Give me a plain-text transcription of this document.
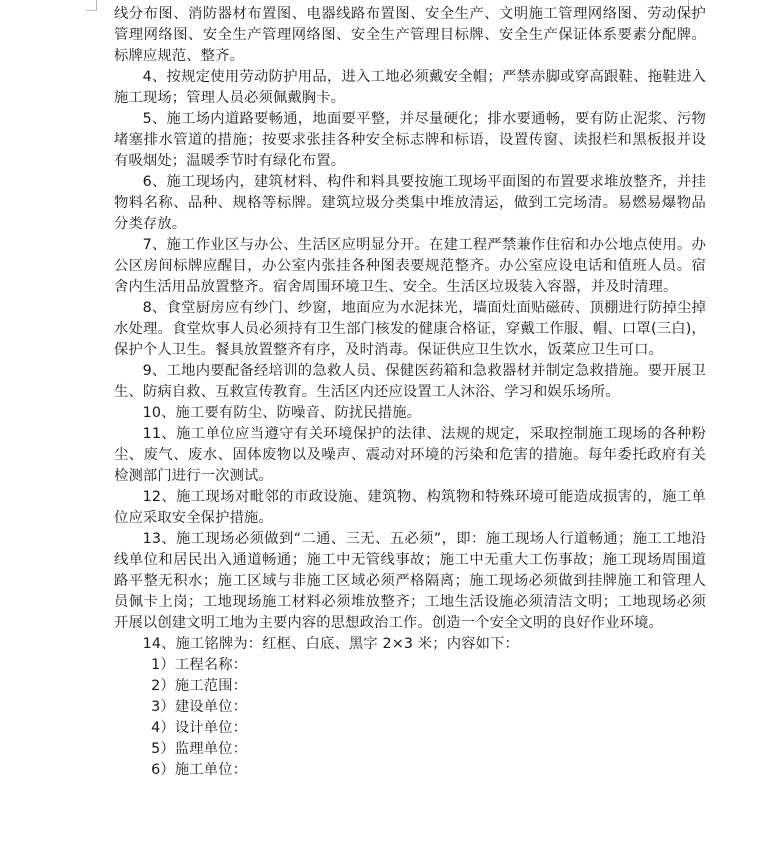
线分布图、消防器材布置图、电器线路布置图、安全生产、文明施工管理网络图、劳动保护管理网络图、安全生产管理网络图、安全生产管理目标牌、安全生产保证体系要素分配牌。标牌应规范、整齐。

4、按规定使用劳动防护用品，进入工地必须戴安全帽；严禁赤脚或穿高跟鞋、拖鞋进入施工现场；管理人员必须佩戴胸卡。

5、施工场内道路要畅通，地面要平整，并尽量硬化；排水要通畅，要有防止泥浆、污物堵塞排水管道的措施；按要求张挂各种安全标志牌和标语，设置传窗、读报栏和黑板报并设有吸烟处；温暖季节时有绿化布置。

6、施工现场内，建筑材料、构件和料具要按施工现场平面图的布置要求堆放整齐，并挂物料名称、品种、规格等标牌。建筑垃圾分类集中堆放清运，做到工完场清。易燃易爆物品分类存放。

7、施工作业区与办公、生活区应明显分开。在建工程严禁兼作住宿和办公地点使用。办公区房间标牌应醒目，办公室内张挂各种图表要规范整齐。办公室应设电话和值班人员。宿舍内生活用品放置整齐。宿舍周围环境卫生、安全。生活区垃圾装入容器，并及时清理。

8、食堂厨房应有纱门、纱窗，地面应为水泥抹光，墙面灶面贴磁砖、顶棚进行防掉尘掉水处理。食堂炊事人员必须持有卫生部门核发的健康合格证，穿戴工作服、帽、口罩(三白)，保护个人卫生。餐具放置整齐有序，及时消毒。保证供应卫生饮水，饭菜应卫生可口。

9、工地内要配备经培训的急救人员、保健医药箱和急救器材并制定急救措施。要开展卫生、防病自救、互救宣传教育。生活区内还应设置工人沐浴、学习和娱乐场所。

10、施工要有防尘、防噪音、防扰民措施。

11、施工单位应当遵守有关环境保护的法律、法规的规定，采取控制施工现场的各种粉尘、废气、废水、固体废物以及噪声、震动对环境的污染和危害的措施。每年委托政府有关检测部门进行一次测试。

12、施工现场对毗邻的市政设施、建筑物、构筑物和特殊环境可能造成损害的，施工单位应采取安全保护措施。

13、施工现场必须做到“二通、三无、五必须”，即：施工现场人行道畅通；施工工地沿线单位和居民出入通道畅通；施工中无管线事故；施工中无重大工伤事故；施工现场周围道路平整无积水；施工区域与非施工区域必须严格隔离；施工现场必须做到挂牌施工和管理人员佩卡上岗；工地现场施工材料必须堆放整齐；工地生活设施必须清洁文明；工地现场必须开展以创建文明工地为主要内容的思想政治工作。创造一个安全文明的良好作业环境。

14、施工铭牌为：红框、白底、黑字 2×3 米；内容如下：

1）工程名称：

2）施工范围：

3）建设单位：

4）设计单位：

5）监理单位：

6）施工单位：
